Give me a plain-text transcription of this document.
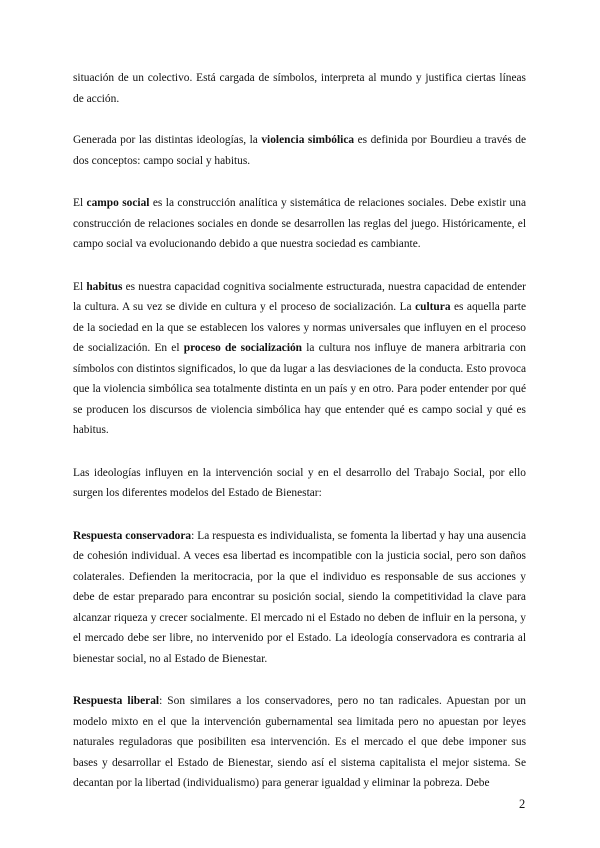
situación de un colectivo. Está cargada de símbolos, interpreta al mundo y justifica ciertas líneas de acción.

Generada por las distintas ideologías, la violencia simbólica es definida por Bourdieu a través de dos conceptos: campo social y habitus.

El campo social es la construcción analítica y sistemática de relaciones sociales. Debe existir una construcción de relaciones sociales en donde se desarrollen las reglas del juego. Históricamente, el campo social va evolucionando debido a que nuestra sociedad es cambiante.

El habitus es nuestra capacidad cognitiva socialmente estructurada, nuestra capacidad de entender la cultura. A su vez se divide en cultura y el proceso de socialización. La cultura es aquella parte de la sociedad en la que se establecen los valores y normas universales que influyen en el proceso de socialización. En el proceso de socialización la cultura nos influye de manera arbitraria con símbolos con distintos significados, lo que da lugar a las desviaciones de la conducta. Esto provoca que la violencia simbólica sea totalmente distinta en un país y en otro. Para poder entender por qué se producen los discursos de violencia simbólica hay que entender qué es campo social y qué es habitus.

Las ideologías influyen en la intervención social y en el desarrollo del Trabajo Social, por ello surgen los diferentes modelos del Estado de Bienestar:

Respuesta conservadora: La respuesta es individualista, se fomenta la libertad y hay una ausencia de cohesión individual. A veces esa libertad es incompatible con la justicia social, pero son daños colaterales. Defienden la meritocracia, por la que el individuo es responsable de sus acciones y debe de estar preparado para encontrar su posición social, siendo la competitividad la clave para alcanzar riqueza y crecer socialmente. El mercado ni el Estado no deben de influir en la persona, y el mercado debe ser libre, no intervenido por el Estado. La ideología conservadora es contraria al bienestar social, no al Estado de Bienestar.

Respuesta liberal: Son similares a los conservadores, pero no tan radicales. Apuestan por un modelo mixto en el que la intervención gubernamental sea limitada pero no apuestan por leyes naturales reguladoras que posibiliten esa intervención. Es el mercado el que debe imponer sus bases y desarrollar el Estado de Bienestar, siendo así el sistema capitalista el mejor sistema. Se decantan por la libertad (individualismo) para generar igualdad y eliminar la pobreza. Debe

2
